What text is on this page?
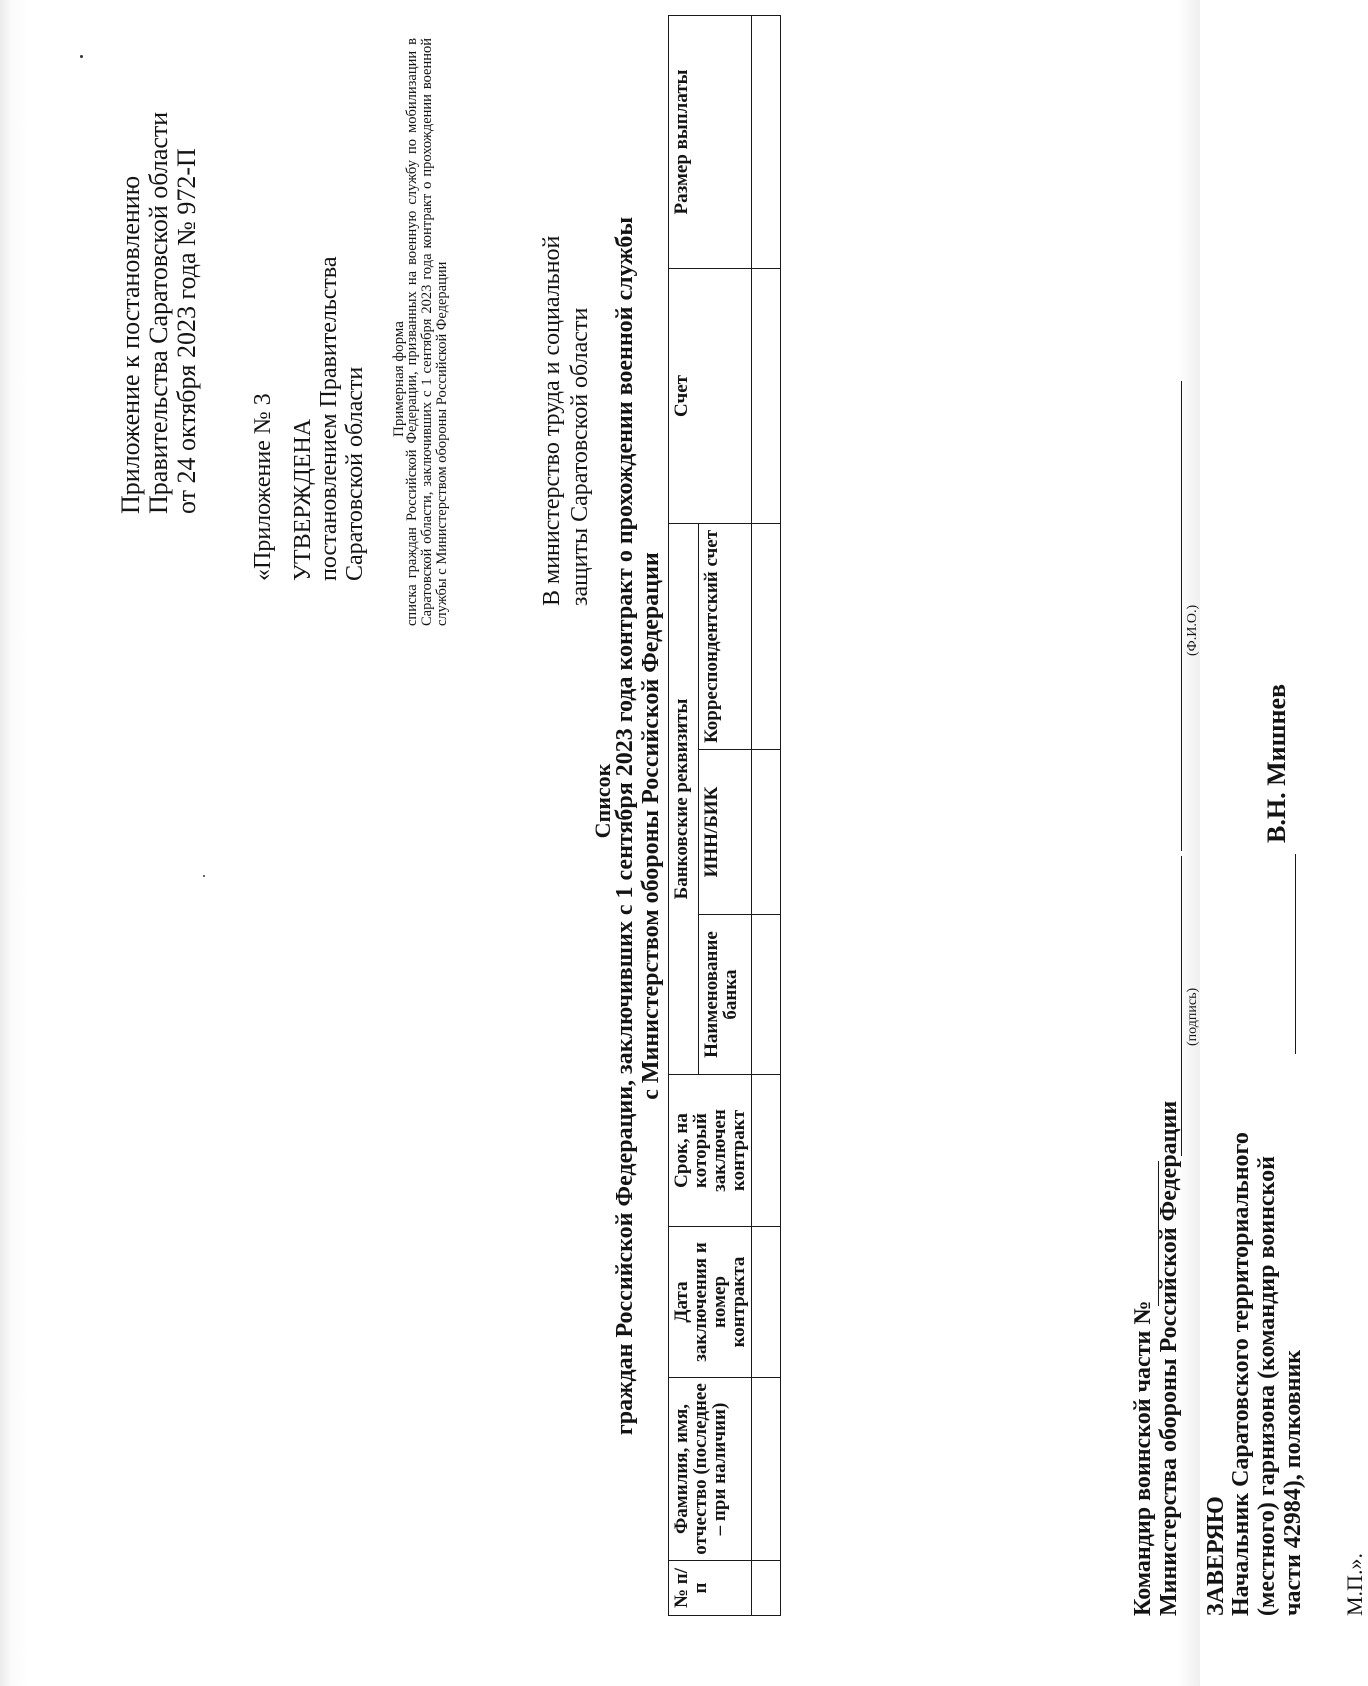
Приложение к постановлению Правительства Саратовской области от 24 октября 2023 года № 972-П «Приложение № 3 УТВЕРЖДЕНА постановлением Правительства Саратовской области Примерная форма
списка граждан Российской Федерации, призванных на военную службу по мобилизации в Саратовской области, заключивших с 1 сентября 2023 года контракт о прохождении военной службы с Министерством обороны Российской Федерации	В министерство труда и социальной защиты Саратовской области
Список
граждан Российской Федерации, заключивших с 1 сентября 2023 года контракт о прохождении военной службы с Министерством обороны Российской Федерации
№ п/п	Фамилия, имя, отчество (последнее – при наличии)	Дата заключения и номер контракта	Срок, на который заключен контракт	Банковские реквизиты			Счет	Размер выплаты
				Наименование банка	ИНН/БИК	Корреспондентский счет		

Командир воинской части № Министерства обороны Российской Федерации
(подпись)
(Ф.И.О.)
ЗАВЕРЯЮ Начальник Саратовского территориального (местного) гарнизона (командир воинской части 42984), полковник
В.Н. Мишнев
М.П.».
